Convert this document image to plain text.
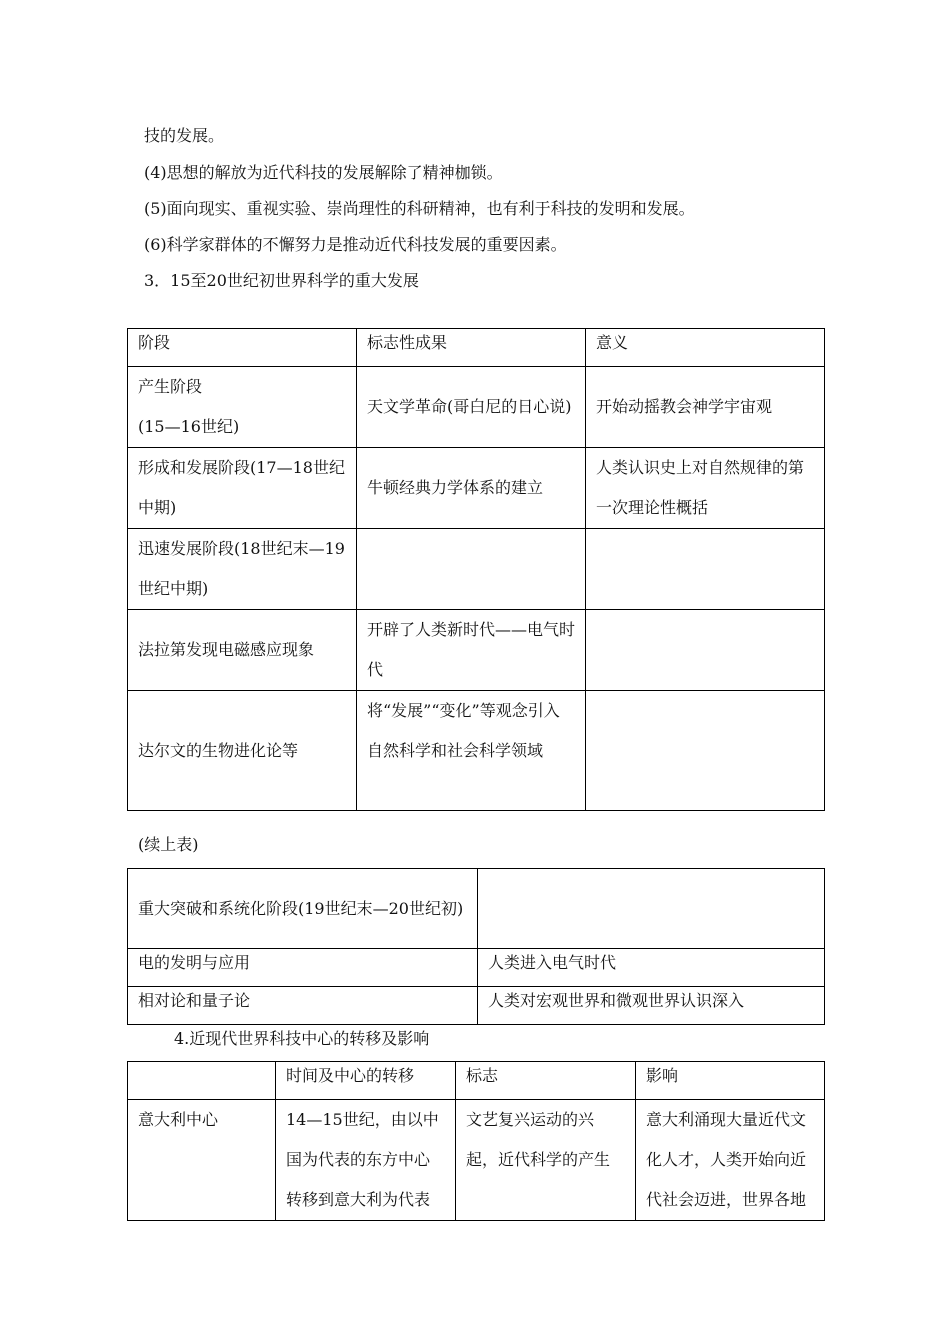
技的发展。
(4)思想的解放为近代科技的发展解除了精神枷锁。
(5)面向现实、重视实验、崇尚理性的科研精神，也有利于科技的发明和发展。
(6)科学家群体的不懈努力是推动近代科技发展的重要因素。
3．15至20世纪初世界科学的重大发展
阶段	标志性成果	意义
产生阶段
(15—16世纪)	天文学革命(哥白尼的日心说)	开始动摇教会神学宇宙观
形成和发展阶段(17—18世纪中期)	牛顿经典力学体系的建立	人类认识史上对自然规律的第一次理论性概括
迅速发展阶段(18世纪末—19世纪中期)		
法拉第发现电磁感应现象	开辟了人类新时代——电气时代	
达尔文的生物进化论等	将“发展”“变化”等观念引入自然科学和社会科学领域	
(续上表)
重大突破和系统化阶段(19世纪末—20世纪初)	
电的发明与应用	人类进入电气时代
相对论和量子论	人类对宏观世界和微观世界认识深入
4.近现代世界科技中心的转移及影响
	时间及中心的转移	标志	影响
意大利中心	14—15世纪，由以中国为代表的东方中心转移到意大利为代表	文艺复兴运动的兴起，近代科学的产生	意大利涌现大量近代文化人才，人类开始向近代社会迈进，世界各地
